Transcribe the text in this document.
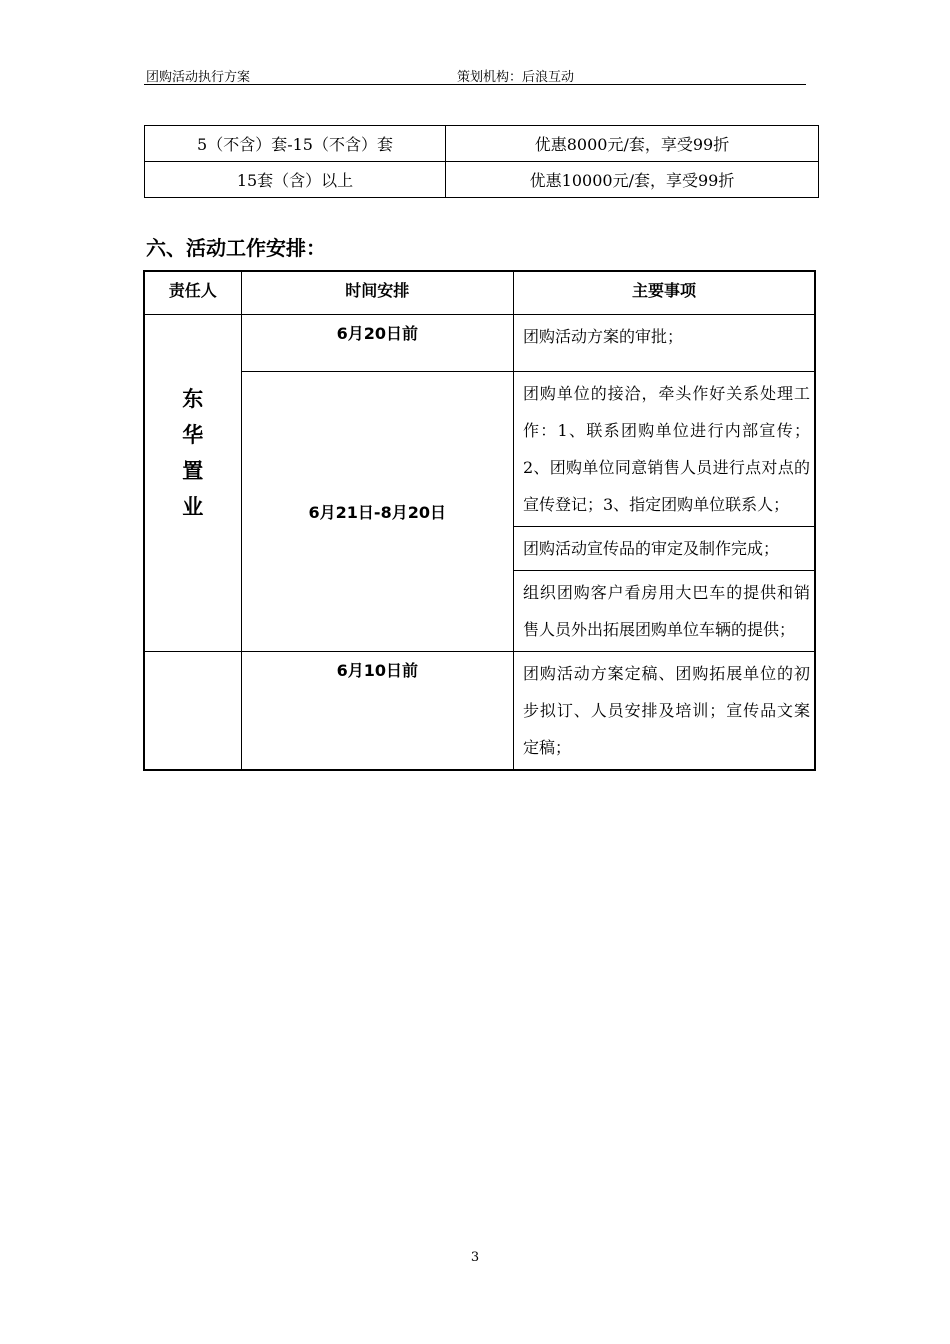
团购活动执行方案	策划机构：后浪互动
5（不含）套-15（不含）套	优惠8000元/套，享受99折
15套（含）以上	优惠10000元/套，享受99折
六、活动工作安排：
责任人	时间安排	主要事项
东华置业	6月20日前	团购活动方案的审批；
	6月21日-8月20日	团购单位的接洽，牵头作好关系处理工作：1、联系团购单位进行内部宣传；2、团购单位同意销售人员进行点对点的宣传登记；3、指定团购单位联系人；
		团购活动宣传品的审定及制作完成；
		组织团购客户看房用大巴车的提供和销售人员外出拓展团购单位车辆的提供；
	6月10日前	团购活动方案定稿、团购拓展单位的初步拟订、人员安排及培训；宣传品文案定稿；
3
